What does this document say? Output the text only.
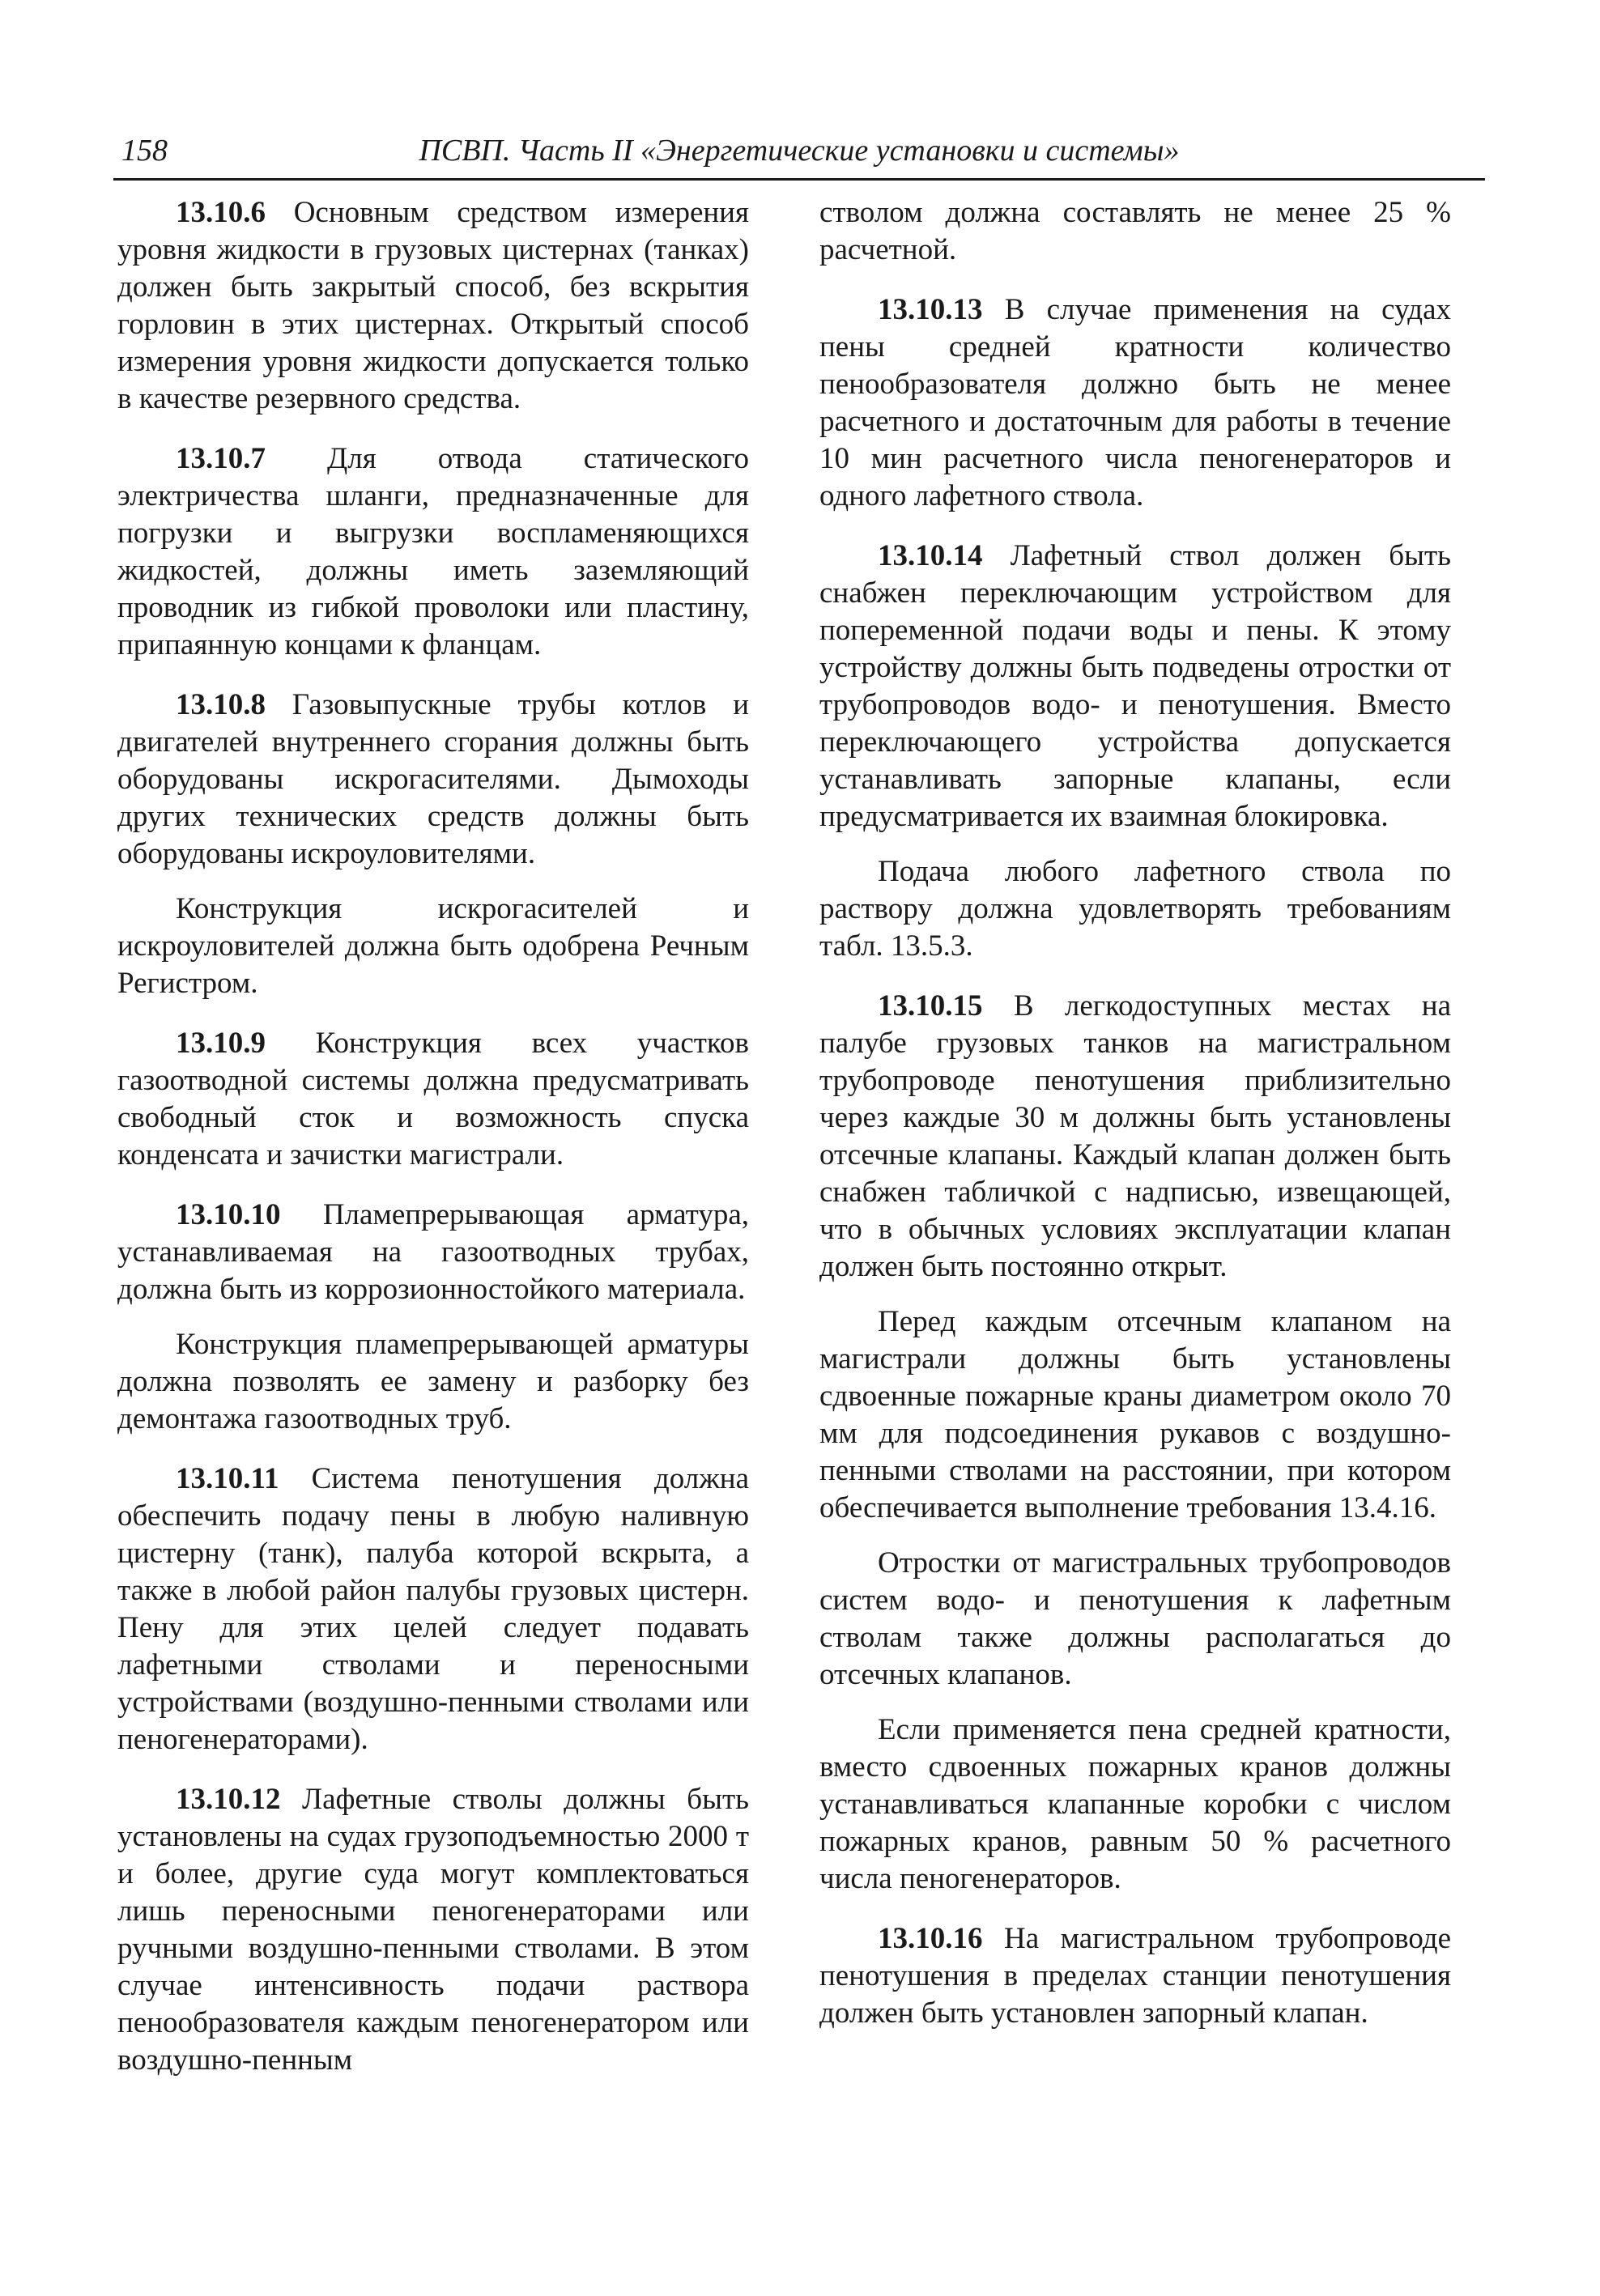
158	ПСВП. Часть II «Энергетические установки и системы»

13.10.6 Основным средством измерения уровня жидкости в грузовых цистернах (танках) должен быть закрытый способ, без вскрытия горловин в этих цистернах. Открытый способ измерения уровня жидкости допускается только в качестве резервного средства.

13.10.7 Для отвода статического электричества шланги, предназначенные для погрузки и выгрузки воспламеняющихся жидкостей, должны иметь заземляющий проводник из гибкой проволоки или пластину, припаянную концами к фланцам.

13.10.8 Газовыпускные трубы котлов и двигателей внутреннего сгорания должны быть оборудованы искрогасителями. Дымоходы других технических средств должны быть оборудованы искроуловителями.

Конструкция искрогасителей и искроуловителей должна быть одобрена Речным Регистром.

13.10.9 Конструкция всех участков газоотводной системы должна предусматривать свободный сток и возможность спуска конденсата и зачистки магистрали.

13.10.10 Пламепрерывающая арматура, устанавливаемая на газоотводных трубах, должна быть из коррозионностойкого материала.

Конструкция пламепрерывающей арматуры должна позволять ее замену и разборку без демонтажа газоотводных труб.

13.10.11 Система пенотушения должна обеспечить подачу пены в любую наливную цистерну (танк), палуба которой вскрыта, а также в любой район палубы грузовых цистерн. Пену для этих целей следует подавать лафетными стволами и переносными устройствами (воздушно-пенными стволами или пеногенераторами).

13.10.12 Лафетные стволы должны быть установлены на судах грузоподъемностью 2000 т и более, другие суда могут комплектоваться лишь переносными пеногенераторами или ручными воздушно-пенными стволами. В этом случае интенсивность подачи раствора пенообразователя каждым пеногенератором или воздушно-пенным

стволом должна составлять не менее 25 % расчетной.

13.10.13 В случае применения на судах пены средней кратности количество пенообразователя должно быть не менее расчетного и достаточным для работы в течение 10 мин расчетного числа пеногенераторов и одного лафетного ствола.

13.10.14 Лафетный ствол должен быть снабжен переключающим устройством для попеременной подачи воды и пены. К этому устройству должны быть подведены отростки от трубопроводов водо- и пенотушения. Вместо переключающего устройства допускается устанавливать запорные клапаны, если предусматривается их взаимная блокировка.

Подача любого лафетного ствола по раствору должна удовлетворять требованиям табл. 13.5.3.

13.10.15 В легкодоступных местах на палубе грузовых танков на магистральном трубопроводе пенотушения приблизительно через каждые 30 м должны быть установлены отсечные клапаны. Каждый клапан должен быть снабжен табличкой с надписью, извещающей, что в обычных условиях эксплуатации клапан должен быть постоянно открыт.

Перед каждым отсечным клапаном на магистрали должны быть установлены сдвоенные пожарные краны диаметром около 70 мм для подсоединения рукавов с воздушно-пенными стволами на расстоянии, при котором обеспечивается выполнение требования 13.4.16.

Отростки от магистральных трубопроводов систем водо- и пенотушения к лафетным стволам также должны располагаться до отсечных клапанов.

Если применяется пена средней кратности, вместо сдвоенных пожарных кранов должны устанавливаться клапанные коробки с числом пожарных кранов, равным 50 % расчетного числа пеногенераторов.

13.10.16 На магистральном трубопроводе пенотушения в пределах станции пенотушения должен быть установлен запорный клапан.
